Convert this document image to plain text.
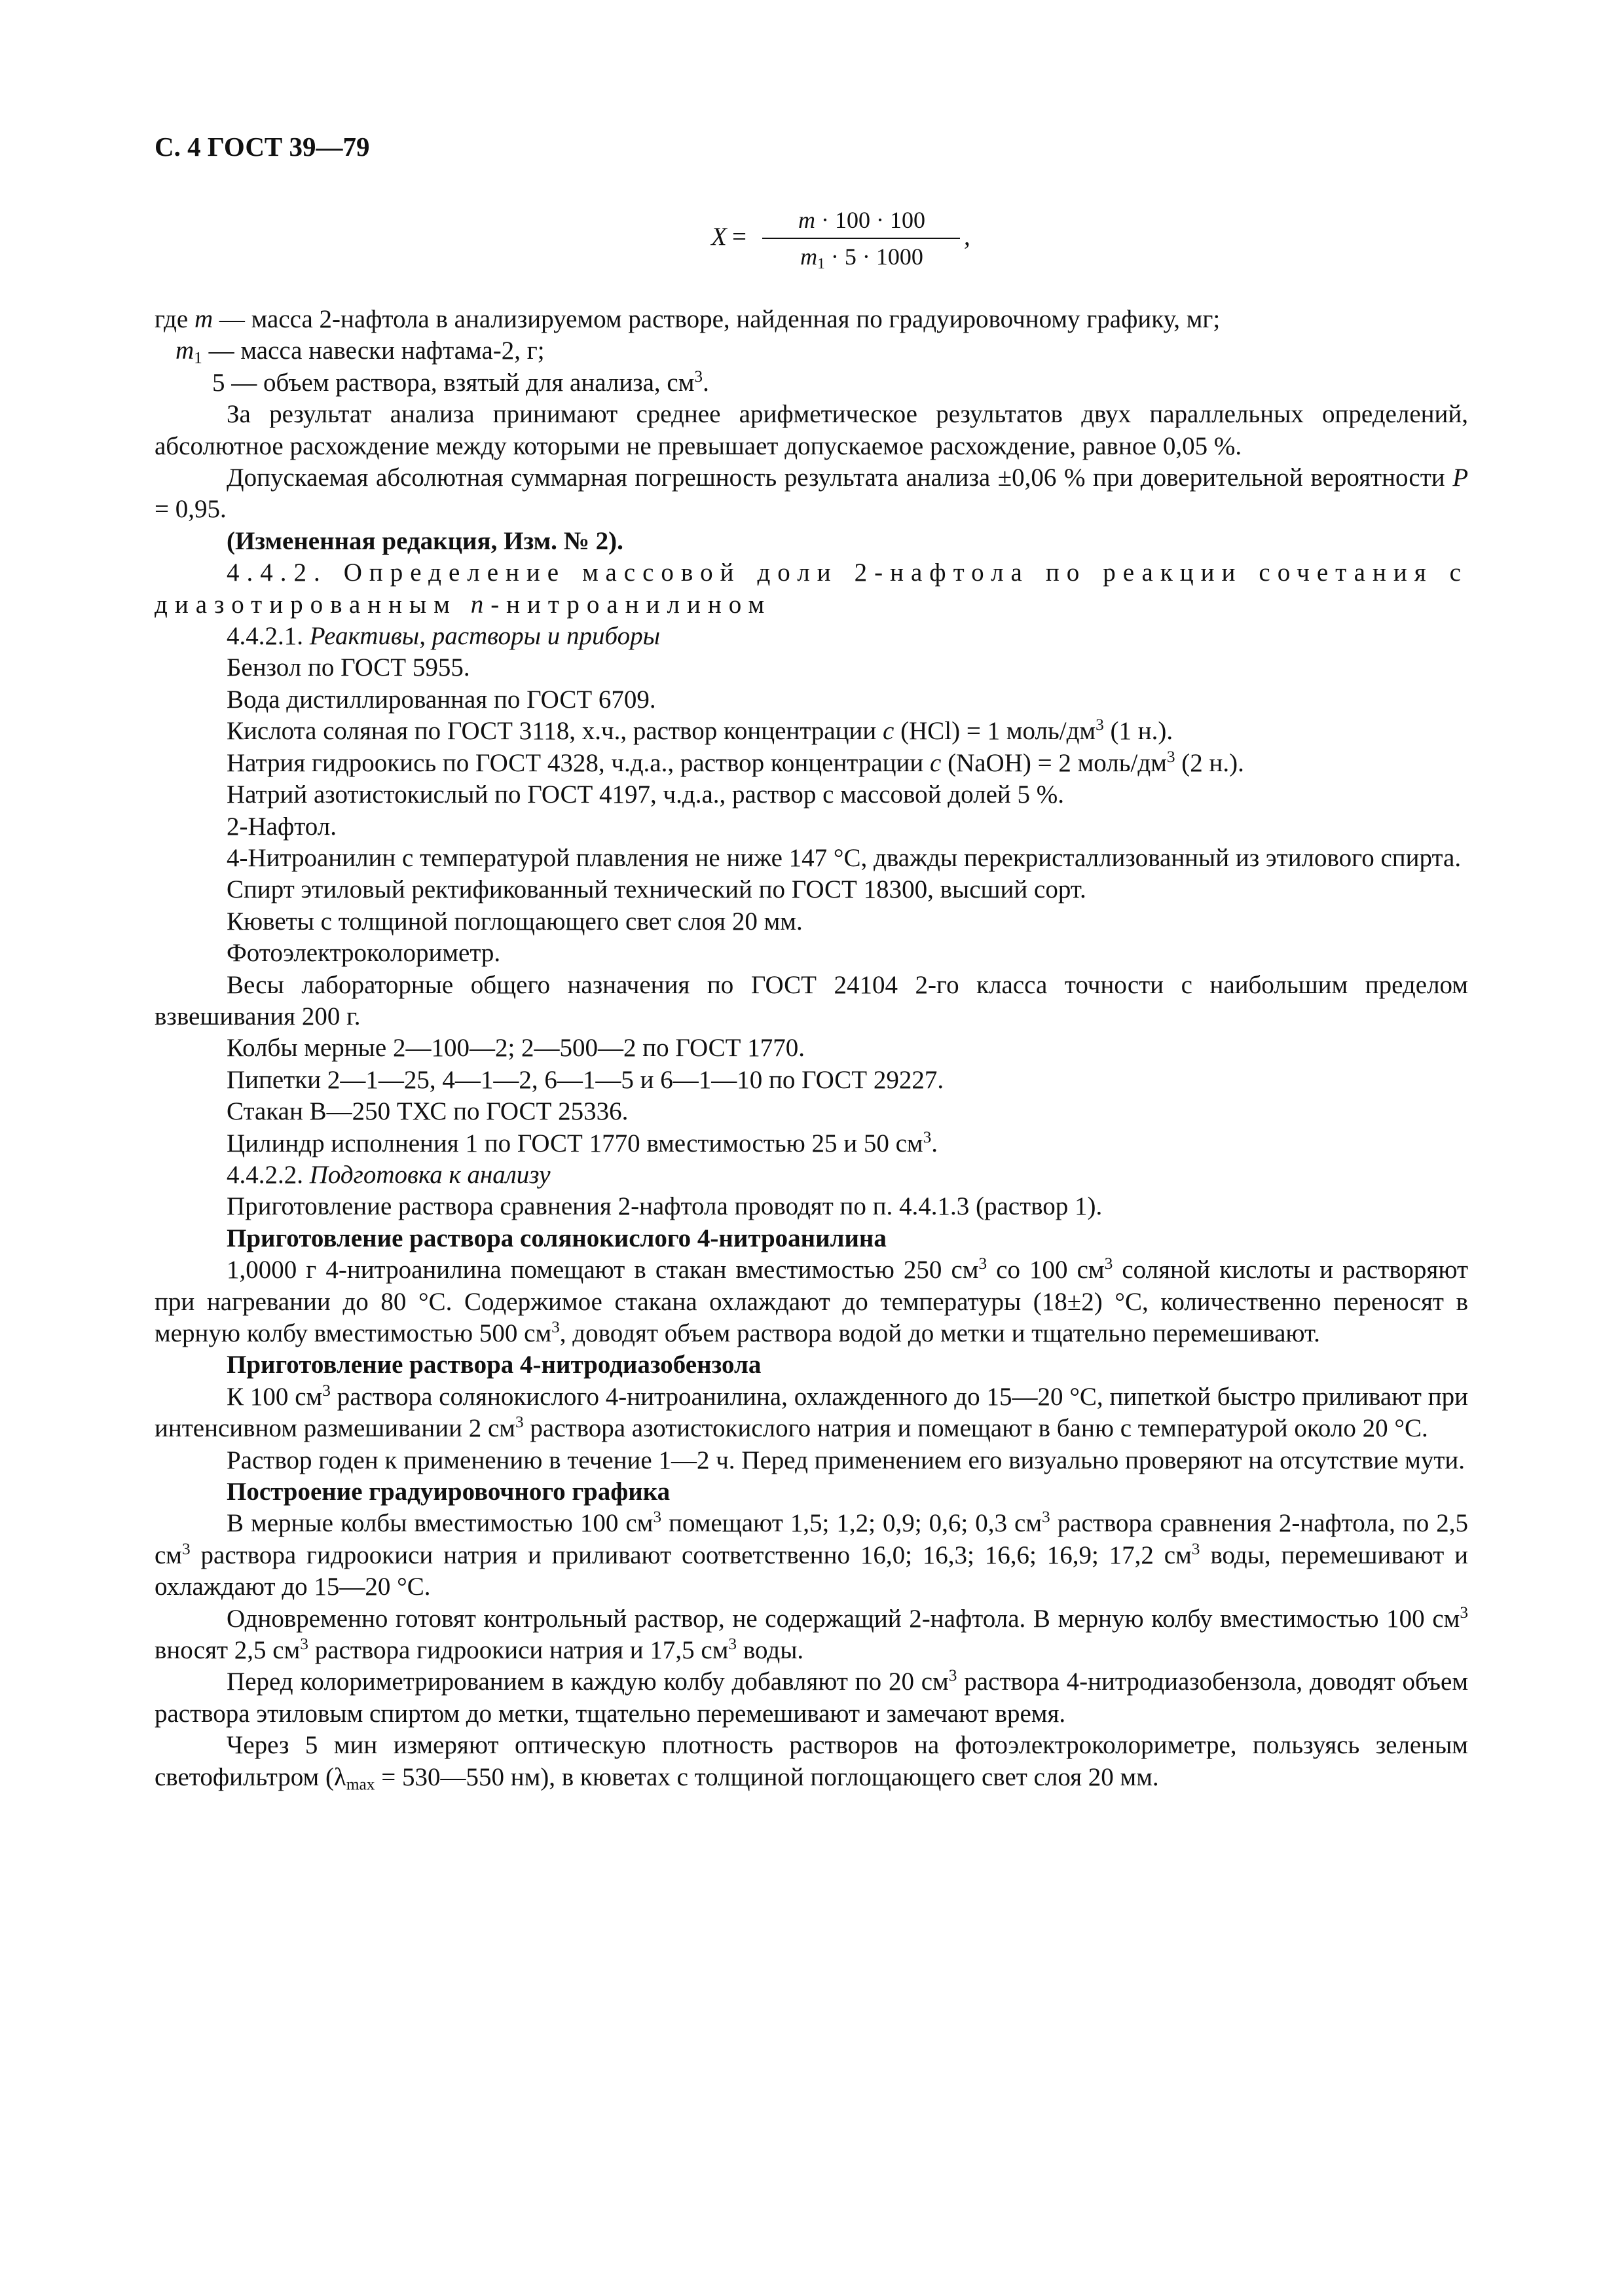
С. 4 ГОСТ 39—79
X =
m · 100 · 100
$m_1 \cdot 5 \cdot 1000$
,
где m — масса 2-нафтола в анализируемом растворе, найденная по градуировочному графику, мг;
$m_1$ — масса навески нафтама-2, г;
5 — объем раствора, взятый для анализа, $см^3$.
За результат анализа принимают среднее арифметическое результатов двух параллельных определений, абсолютное расхождение между которыми не превышает допускаемое расхождение, равное 0,05 %.
Допускаемая абсолютная суммарная погрешность результата анализа ±0,06 % при доверительной вероятности P = 0,95.
(Измененная редакция, Изм. № 2).
4.4.2. Определение массовой доли 2-нафтола по реакции сочетания с диазотированным n-нитроанилином
4.4.2.1. Реактивы, растворы и приборы
Бензол по ГОСТ 5955.
Вода дистиллированная по ГОСТ 6709.
Кислота соляная по ГОСТ 3118, х.ч., раствор концентрации c (HCl) = 1 моль/$дм^3$ (1 н.).
Натрия гидроокись по ГОСТ 4328, ч.д.а., раствор концентрации c (NaOH) = 2 моль/$дм^3$ (2 н.).
Натрий азотистокислый по ГОСТ 4197, ч.д.а., раствор с массовой долей 5 %.
2-Нафтол.
4-Нитроанилин с температурой плавления не ниже 147 °С, дважды перекристаллизованный из этилового спирта.
Спирт этиловый ректификованный технический по ГОСТ 18300, высший сорт.
Кюветы с толщиной поглощающего свет слоя 20 мм.
Фотоэлектроколориметр.
Весы лабораторные общего назначения по ГОСТ 24104 2-го класса точности с наибольшим пределом взвешивания 200 г.
Колбы мерные 2—100—2; 2—500—2 по ГОСТ 1770.
Пипетки 2—1—25, 4—1—2, 6—1—5 и 6—1—10 по ГОСТ 29227.
Стакан В—250 ТХС по ГОСТ 25336.
Цилиндр исполнения 1 по ГОСТ 1770 вместимостью 25 и 50 $см^3$.
4.4.2.2. Подготовка к анализу
Приготовление раствора сравнения 2-нафтола проводят по п. 4.4.1.3 (раствор 1).
Приготовление раствора солянокислого 4-нитроанилина
1,0000 г 4-нитроанилина помещают в стакан вместимостью 250 $см^3$ со 100 $см^3$ соляной кислоты и растворяют при нагревании до 80 °С. Содержимое стакана охлаждают до температуры (18±2) °С, количественно переносят в мерную колбу вместимостью 500 $см^3$, доводят объем раствора водой до метки и тщательно перемешивают.
Приготовление раствора 4-нитродиазобензола
К 100 $см^3$ раствора солянокислого 4-нитроанилина, охлажденного до 15—20 °С, пипеткой быстро приливают при интенсивном размешивании 2 $см^3$ раствора азотистокислого натрия и помещают в баню с температурой около 20 °С.
Раствор годен к применению в течение 1—2 ч. Перед применением его визуально проверяют на отсутствие мути.
Построение градуировочного графика
В мерные колбы вместимостью 100 $см^3$ помещают 1,5; 1,2; 0,9; 0,6; 0,3 $см^3$ раствора сравнения 2-нафтола, по 2,5 $см^3$ раствора гидроокиси натрия и приливают соответственно 16,0; 16,3; 16,6; 16,9; 17,2 $см^3$ воды, перемешивают и охлаждают до 15—20 °С.
Одновременно готовят контрольный раствор, не содержащий 2-нафтола. В мерную колбу вместимостью 100 $см^3$ вносят 2,5 $см^3$ раствора гидроокиси натрия и 17,5 $см^3$ воды.
Перед колориметрированием в каждую колбу добавляют по 20 $см^3$ раствора 4-нитродиазобензола, доводят объем раствора этиловым спиртом до метки, тщательно перемешивают и замечают время.
Через 5 мин измеряют оптическую плотность растворов на фотоэлектроколориметре, пользуясь зеленым светофильтром ($\lambda_{max}$ = 530—550 нм), в кюветах с толщиной поглощающего свет слоя 20 мм.
